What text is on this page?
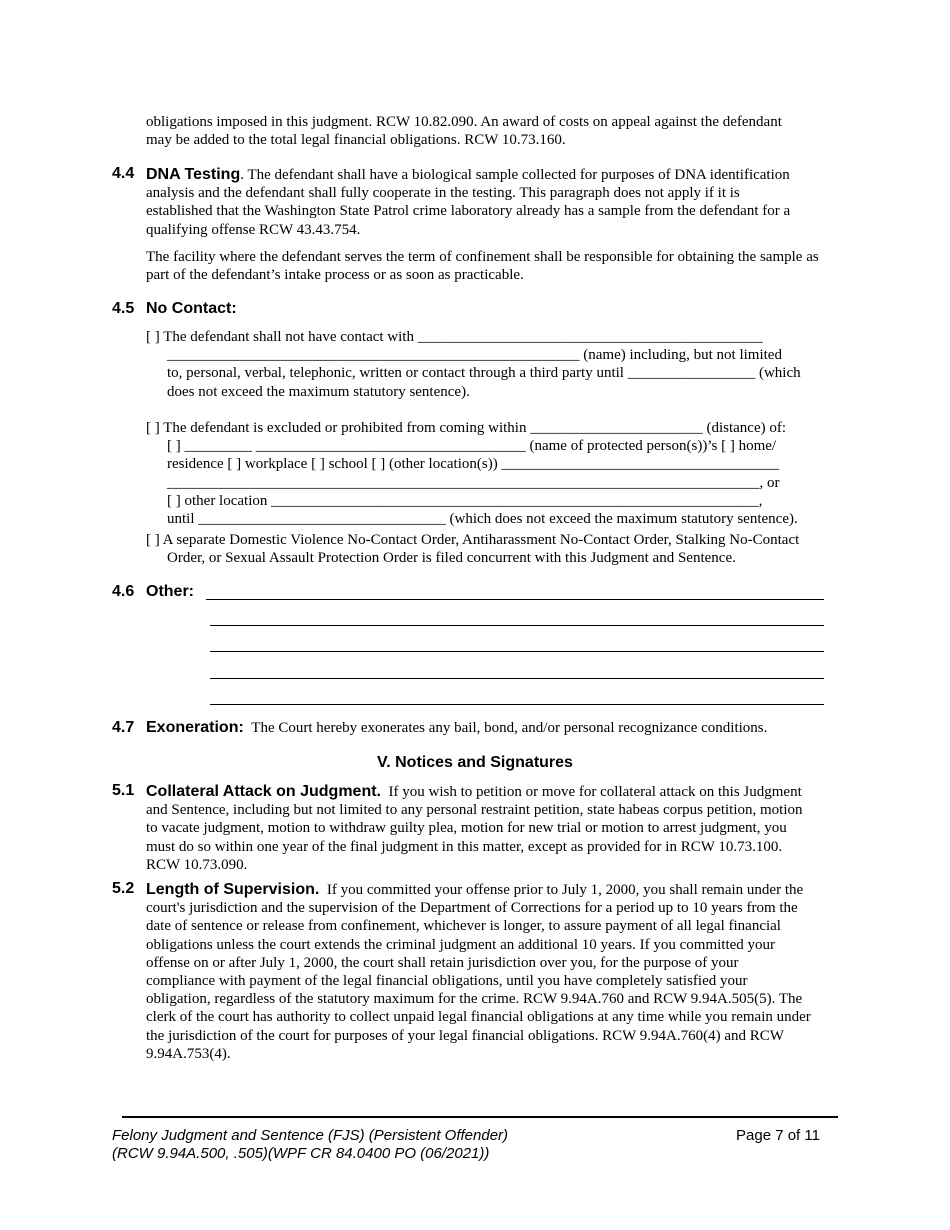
obligations imposed in this judgment. RCW 10.82.090. An award of costs on appeal against the defendant

may be added to the total legal financial obligations. RCW 10.73.160.

4.4 DNA Testing. The defendant shall have a biological sample collected for purposes of DNA identification

analysis and the defendant shall fully cooperate in the testing. This paragraph does not apply if it is

established that the Washington State Patrol crime laboratory already has a sample from the defendant for a

qualifying offense RCW 43.43.754.

The facility where the defendant serves the term of confinement shall be responsible for obtaining the sample as

part of the defendant’s intake process or as soon as practicable.

4.5 No Contact:

[ ] The defendant shall not have contact with ______________________________________________

_______________________________________________________ (name) including, but not limited

to, personal, verbal, telephonic, written or contact through a third party until _________________ (which

does not exceed the maximum statutory sentence).

[ ] The defendant is excluded or prohibited from coming within _______________________ (distance) of:

[ ] _________ ____________________________________ (name of protected person(s))’s [ ] home/

residence [ ] workplace [ ] school [ ] (other location(s)) _____________________________________

_______________________________________________________________________________, or

[ ] other location _________________________________________________________________,

until _________________________________ (which does not exceed the maximum statutory sentence).

[ ] A separate Domestic Violence No-Contact Order, Antiharassment No-Contact Order, Stalking No-Contact

Order, or Sexual Assault Protection Order is filed concurrent with this Judgment and Sentence.

4.6 Other:
4.7 Exoneration: The Court hereby exonerates any bail, bond, and/or personal recognizance conditions.
V. Notices and Signatures
5.1 Collateral Attack on Judgment. If you wish to petition or move for collateral attack on this Judgment

and Sentence, including but not limited to any personal restraint petition, state habeas corpus petition, motion

to vacate judgment, motion to withdraw guilty plea, motion for new trial or motion to arrest judgment, you

must do so within one year of the final judgment in this matter, except as provided for in RCW 10.73.100.

RCW 10.73.090.

5.2 Length of Supervision. If you committed your offense prior to July 1, 2000, you shall remain under the

court's jurisdiction and the supervision of the Department of Corrections for a period up to 10 years from the

date of sentence or release from confinement, whichever is longer, to assure payment of all legal financial

obligations unless the court extends the criminal judgment an additional 10 years. If you committed your

offense on or after July 1, 2000, the court shall retain jurisdiction over you, for the purpose of your

compliance with payment of the legal financial obligations, until you have completely satisfied your

obligation, regardless of the statutory maximum for the crime. RCW 9.94A.760 and RCW 9.94A.505(5). The

clerk of the court has authority to collect unpaid legal financial obligations at any time while you remain under

the jurisdiction of the court for purposes of your legal financial obligations. RCW 9.94A.760(4) and RCW

9.94A.753(4).

Felony Judgment and Sentence (FJS) (Persistent Offender)

(RCW 9.94A.500, .505)(WPF CR 84.0400 PO (06/2021))

Page 7 of 11
